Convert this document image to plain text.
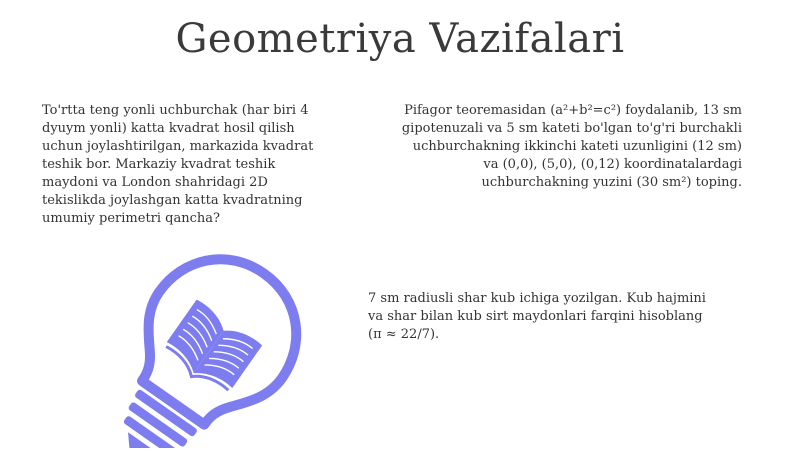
Geometriya Vazifalari
To'rtta teng yonli uchburchak (har biri 4
dyuym yonli) katta kvadrat hosil qilish
uchun joylashtirilgan, markazida kvadrat
teshik bor. Markaziy kvadrat teshik
maydoni va London shahridagi 2D
tekislikda joylashgan katta kvadratning
umumiy perimetri qancha?
Pifagor teoremasidan (a²+b²=c²) foydalanib, 13 sm
gipotenuzali va 5 sm kateti bo'lgan to'g'ri burchakli
uchburchakning ikkinchi kateti uzunligini (12 sm)
va (0,0), (5,0), (0,12) koordinatalardagi
uchburchakning yuzini (30 sm²) toping.
7 sm radiusli shar kub ichiga yozilgan. Kub hajmini
va shar bilan kub sirt maydonlari farqini hisoblang
(π ≈ 22/7).
